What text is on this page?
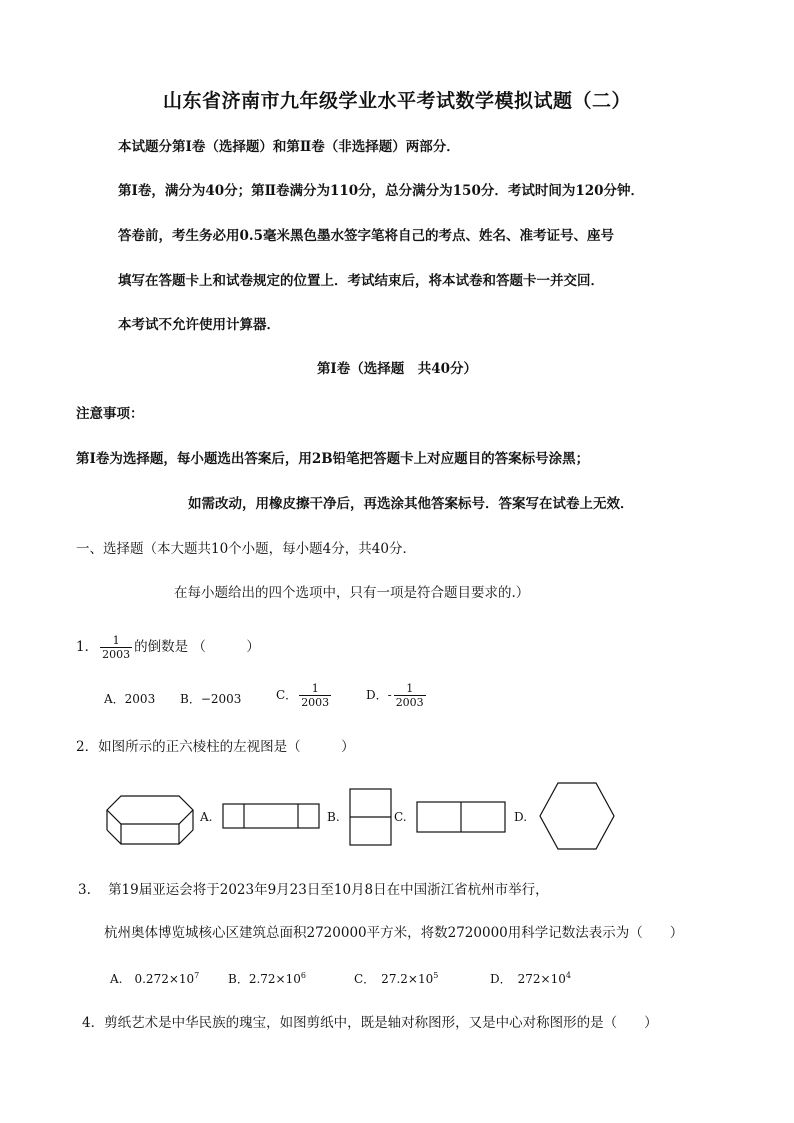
山东省济南市九年级学业水平考试数学模拟试题（二）
本试题分第Ⅰ卷（选择题）和第Ⅱ卷（非选择题）两部分．
第Ⅰ卷，满分为40分；第Ⅱ卷满分为110分，总分满分为150分．考试时间为120分钟．
答卷前，考生务必用0.5毫米黑色墨水签字笔将自己的考点、姓名、准考证号、座号
填写在答题卡上和试卷规定的位置上．考试结束后，将本试卷和答题卡一并交回．
本考试不允许使用计算器．
第Ⅰ卷（选择题　共40分）
注意事项：
第Ⅰ卷为选择题，每小题选出答案后，用2B铅笔把答题卡上对应题目的答案标号涂黑；
如需改动，用橡皮擦干净后，再选涂其他答案标号．答案写在试卷上无效．
一、选择题（本大题共10个小题，每小题4分，共40分．
在每小题给出的四个选项中，只有一项是符合题目要求的.）
1． $\frac{1}{2003}$ 的倒数是 （　　　）
A．2003 B．−2003	C． $\frac{1}{2003}$	D．- $\frac{1}{2003}$
2．如图所示的正六棱柱的左视图是（　　　）
A.	B.	C.	D.
3. 第19届亚运会将于2023年9月23日至10月8日在中国浙江省杭州市举行，
杭州奥体博览城核心区建筑总面积2720000平方米，将数2720000用科学记数法表示为（　　）
A.　$0.272\times 10^7$ B．$2.72\times 10^6$	C．　$27.2\times 10^5$	D．　$272\times 10^4$
4．剪纸艺术是中华民族的瑰宝，如图剪纸中，既是轴对称图形，又是中心对称图形的是（　　）
